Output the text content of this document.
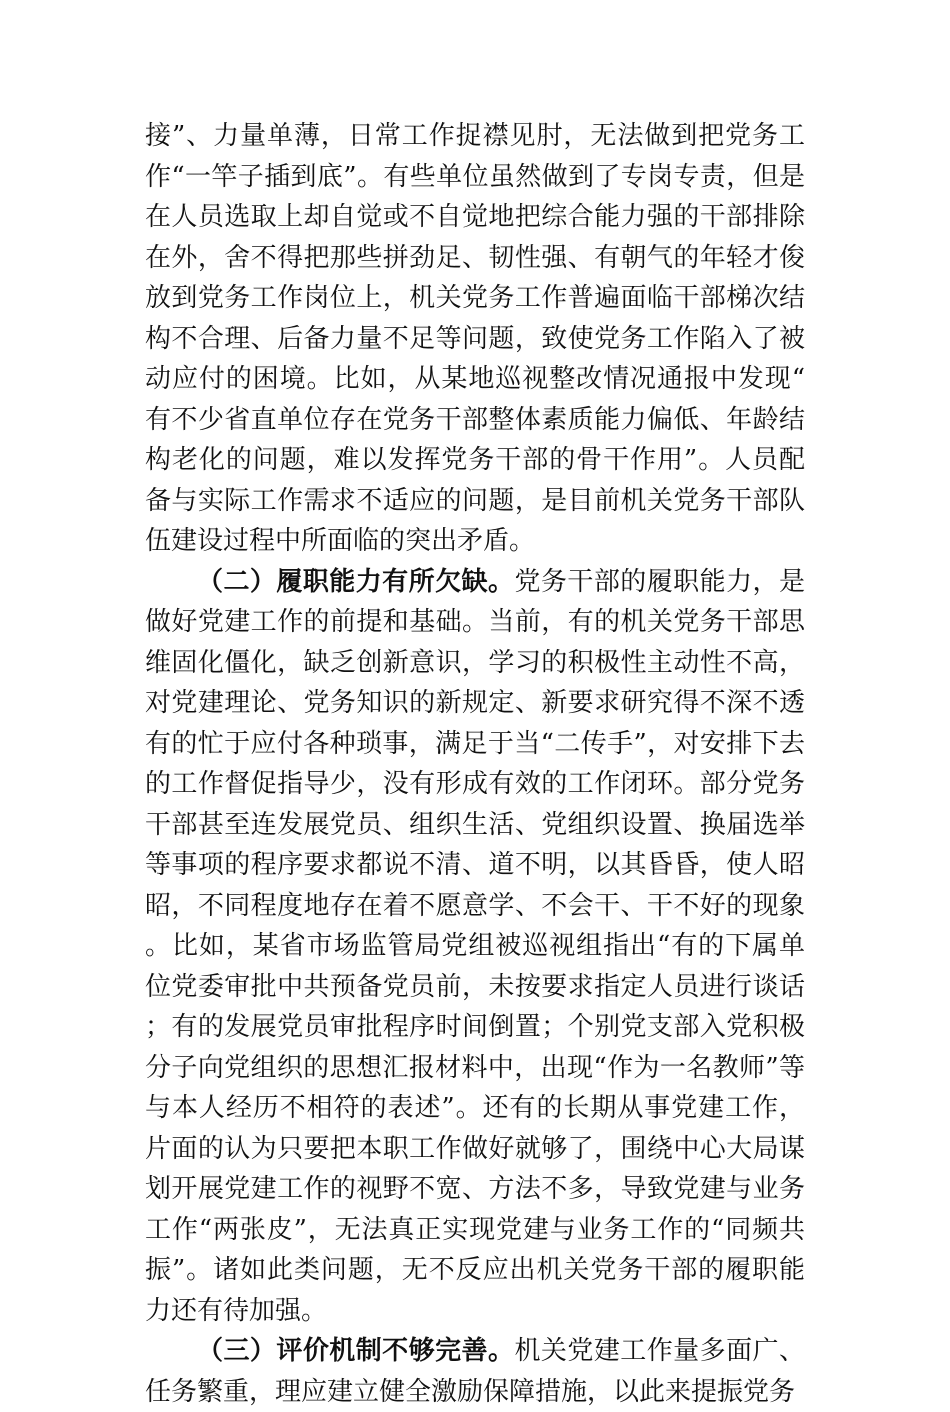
接”、力量单薄，日常工作捉襟见肘，无法做到把党务工作“一竿子插到底”。有些单位虽然做到了专岗专责，但是在人员选取上却自觉或不自觉地把综合能力强的干部排除在外，舍不得把那些拼劲足、韧性强、有朝气的年轻才俊放到党务工作岗位上，机关党务工作普遍面临干部梯次结构不合理、后备力量不足等问题，致使党务工作陷入了被动应付的困境。比如，从某地巡视整改情况通报中发现“有不少省直单位存在党务干部整体素质能力偏低、年龄结构老化的问题，难以发挥党务干部的骨干作用”。人员配备与实际工作需求不适应的问题，是目前机关党务干部队伍建设过程中所面临的突出矛盾。

（二）履职能力有所欠缺。党务干部的履职能力，是做好党建工作的前提和基础。当前，有的机关党务干部思维固化僵化，缺乏创新意识，学习的积极性主动性不高，对党建理论、党务知识的新规定、新要求研究得不深不透有的忙于应付各种琐事，满足于当“二传手”，对安排下去的工作督促指导少，没有形成有效的工作闭环。部分党务干部甚至连发展党员、组织生活、党组织设置、换届选举等事项的程序要求都说不清、道不明，以其昏昏，使人昭昭，不同程度地存在着不愿意学、不会干、干不好的现象。比如，某省市场监管局党组被巡视组指出“有的下属单位党委审批中共预备党员前，未按要求指定人员进行谈话；有的发展党员审批程序时间倒置；个别党支部入党积极分子向党组织的思想汇报材料中，出现“作为一名教师”等与本人经历不相符的表述”。还有的长期从事党建工作，片面的认为只要把本职工作做好就够了，围绕中心大局谋划开展党建工作的视野不宽、方法不多，导致党建与业务工作“两张皮”，无法真正实现党建与业务工作的“同频共振”。诸如此类问题，无不反应出机关党务干部的履职能力还有待加强。

（三）评价机制不够完善。机关党建工作量多面广、任务繁重，理应建立健全激励保障措施，以此来提振党务
